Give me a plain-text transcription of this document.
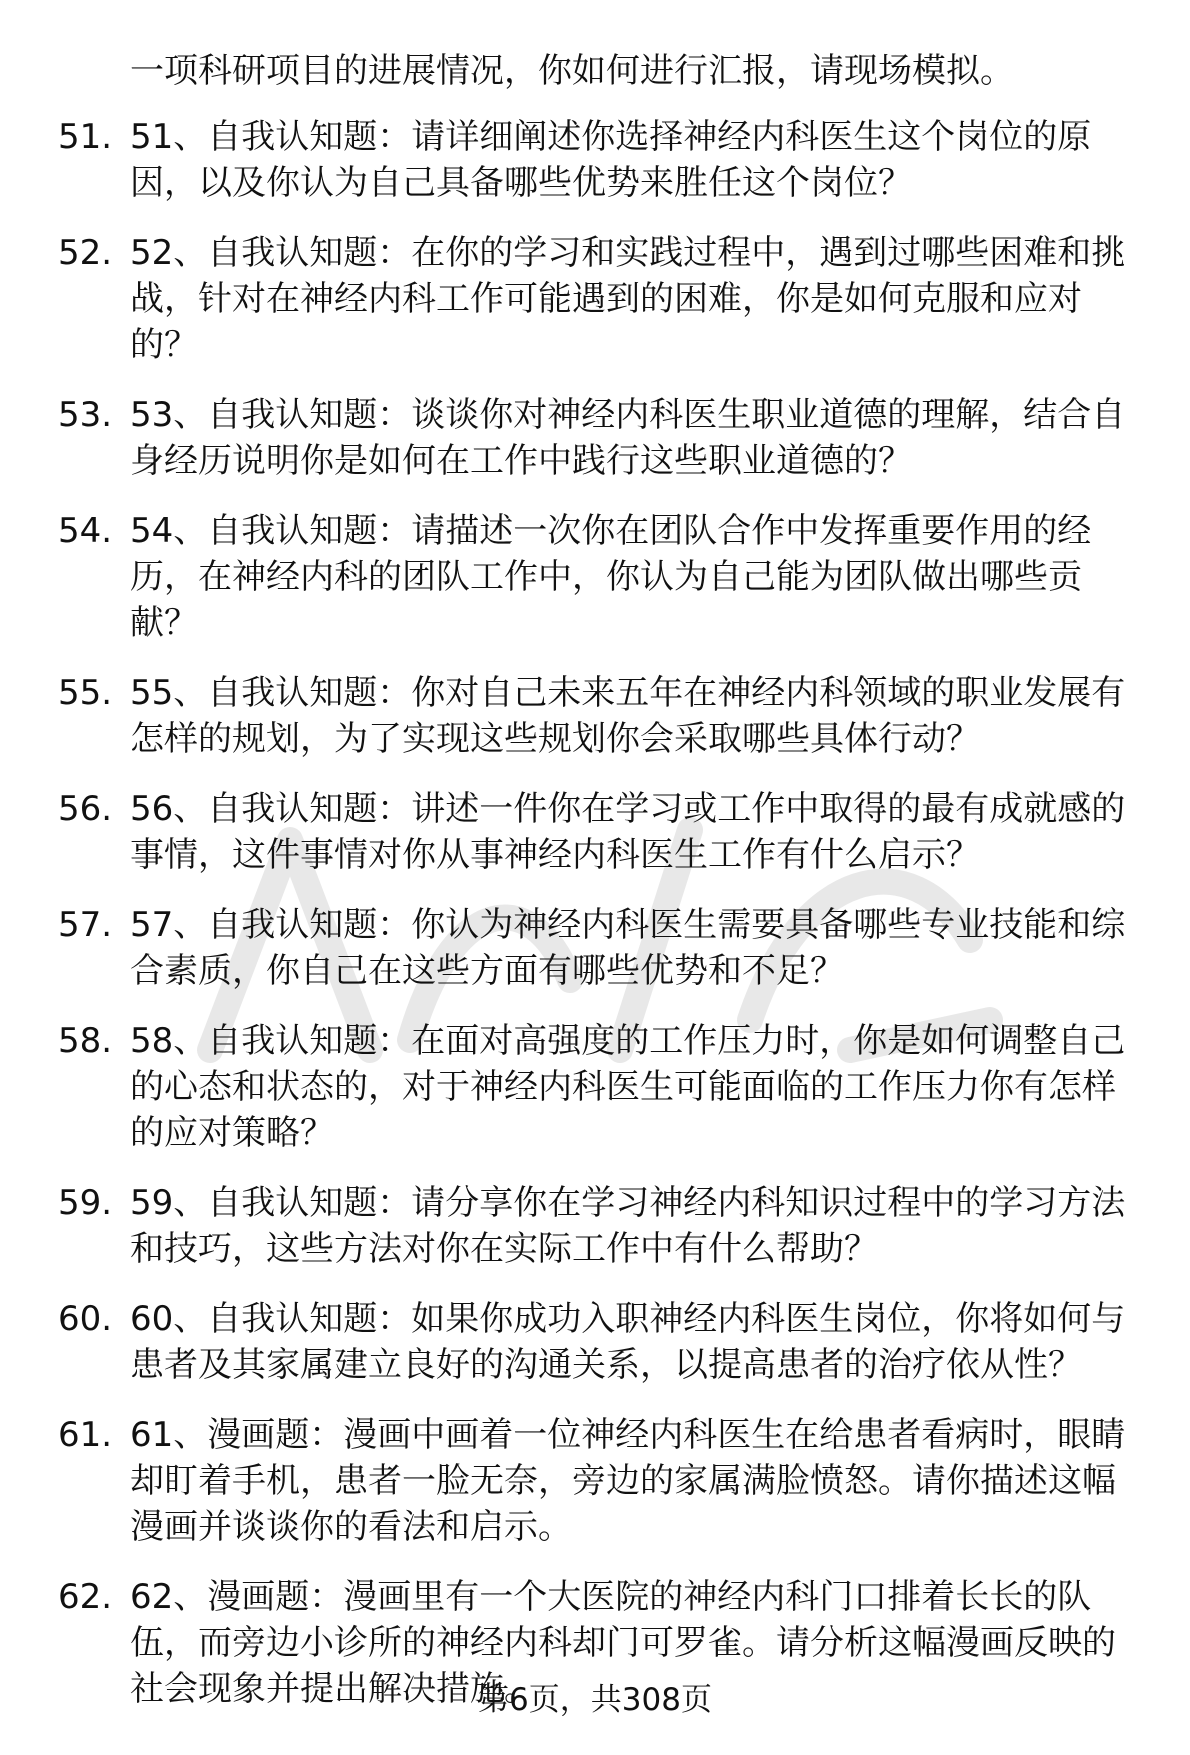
一项科研项目的进展情况，你如何进行汇报，请现场模拟。
51. 51、自我认知题：请详细阐述你选择神经内科医生这个岗位的原因，以及你认为自己具备哪些优势来胜任这个岗位？
52. 52、自我认知题：在你的学习和实践过程中，遇到过哪些困难和挑战，针对在神经内科工作可能遇到的困难，你是如何克服和应对的？
53. 53、自我认知题：谈谈你对神经内科医生职业道德的理解，结合自身经历说明你是如何在工作中践行这些职业道德的？
54. 54、自我认知题：请描述一次你在团队合作中发挥重要作用的经历，在神经内科的团队工作中，你认为自己能为团队做出哪些贡献？
55. 55、自我认知题：你对自己未来五年在神经内科领域的职业发展有怎样的规划，为了实现这些规划你会采取哪些具体行动？
56. 56、自我认知题：讲述一件你在学习或工作中取得的最有成就感的事情，这件事情对你从事神经内科医生工作有什么启示？
57. 57、自我认知题：你认为神经内科医生需要具备哪些专业技能和综合素质，你自己在这些方面有哪些优势和不足？
58. 58、自我认知题：在面对高强度的工作压力时，你是如何调整自己的心态和状态的，对于神经内科医生可能面临的工作压力你有怎样的应对策略？
59. 59、自我认知题：请分享你在学习神经内科知识过程中的学习方法和技巧，这些方法对你在实际工作中有什么帮助？
60. 60、自我认知题：如果你成功入职神经内科医生岗位，你将如何与患者及其家属建立良好的沟通关系，以提高患者的治疗依从性？
61. 61、漫画题：漫画中画着一位神经内科医生在给患者看病时，眼睛却盯着手机，患者一脸无奈，旁边的家属满脸愤怒。请你描述这幅漫画并谈谈你的看法和启示。
62. 62、漫画题：漫画里有一个大医院的神经内科门口排着长长的队伍，而旁边小诊所的神经内科却门可罗雀。请分析这幅漫画反映的社会现象并提出解决措施。
第6页，共308页
